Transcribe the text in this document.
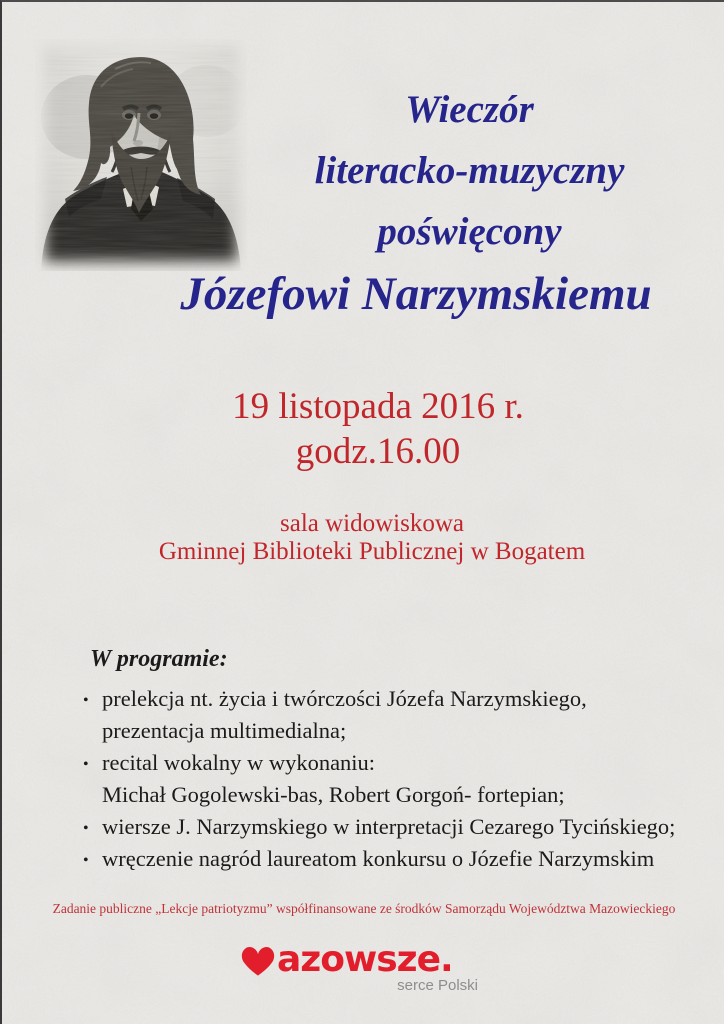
Wieczór
literacko-muzyczny
poświęcony
Józefowi Narzymskiemu
19 listopada 2016 r.
godz.16.00
sala widowiskowa
Gminnej Biblioteki Publicznej w Bogatem
W programie:
• prelekcja nt. życia i twórczości Józefa Narzymskiego,
prezentacja multimedialna;
• recital wokalny w wykonaniu:
Michał Gogolewski-bas, Robert Gorgoń- fortepian;
• wiersze J. Narzymskiego w interpretacji Cezarego Tycińskiego;
• wręczenie nagród laureatom konkursu o Józefie Narzymskim
Zadanie publiczne „Lekcje patriotyzmu” współfinansowane ze środków Samorządu Województwa Mazowieckiego
azowsze.
serce Polski
